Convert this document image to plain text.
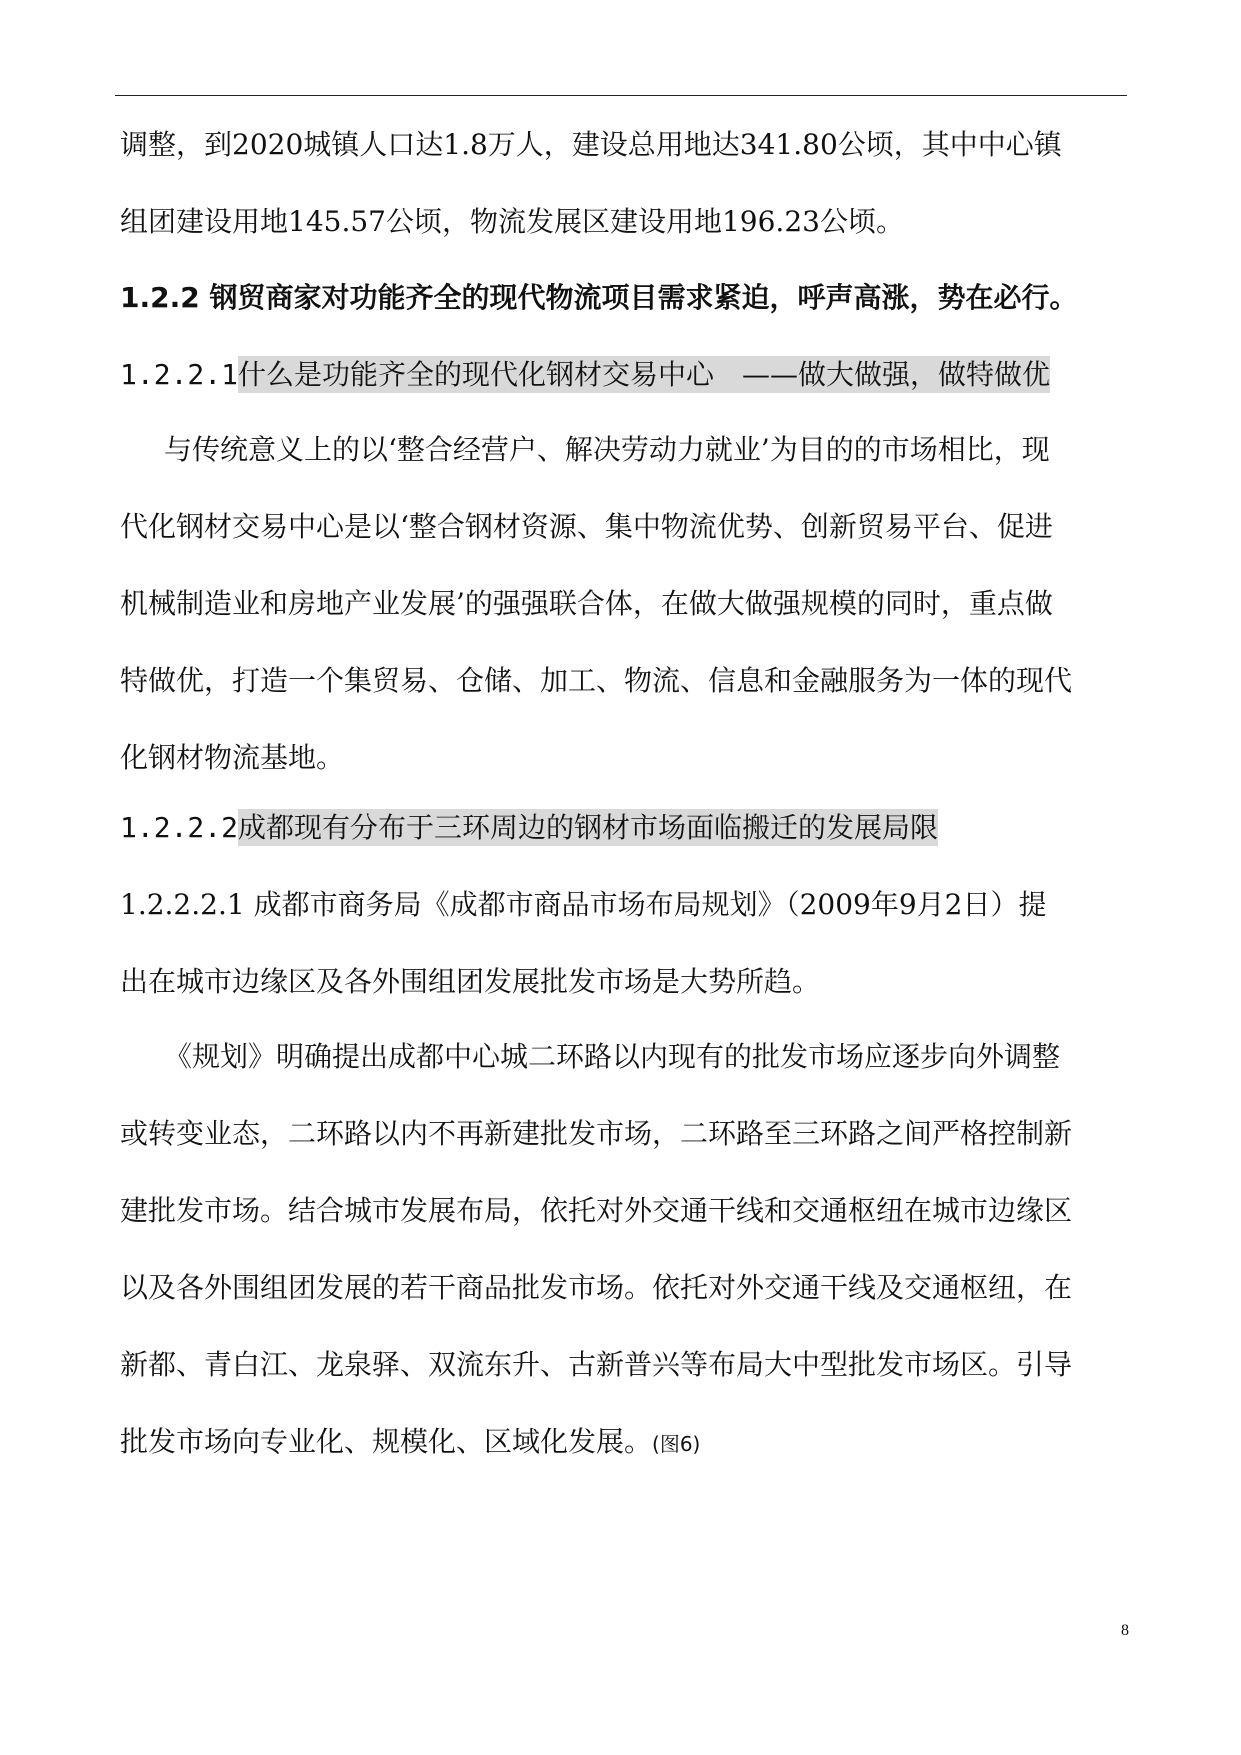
调整，到2020城镇人口达1.8万人，建设总用地达341.80公顷，其中中心镇

组团建设用地145.57公顷，物流发展区建设用地196.23公顷。

1.2.2 钢贸商家对功能齐全的现代物流项目需求紧迫，呼声高涨，势在必行。

1.2.2.1什么是功能齐全的现代化钢材交易中心　——做大做强，做特做优

与传统意义上的以‘整合经营户、解决劳动力就业’为目的的市场相比，现

代化钢材交易中心是以‘整合钢材资源、集中物流优势、创新贸易平台、促进

机械制造业和房地产业发展’的强强联合体，在做大做强规模的同时，重点做

特做优，打造一个集贸易、仓储、加工、物流、信息和金融服务为一体的现代

化钢材物流基地。

1.2.2.2成都现有分布于三环周边的钢材市场面临搬迁的发展局限

1.2.2.2.1 成都市商务局《成都市商品市场布局规划》（2009年9月2日）提

出在城市边缘区及各外围组团发展批发市场是大势所趋。

《规划》明确提出成都中心城二环路以内现有的批发市场应逐步向外调整

或转变业态，二环路以内不再新建批发市场，二环路至三环路之间严格控制新

建批发市场。结合城市发展布局，依托对外交通干线和交通枢纽在城市边缘区

以及各外围组团发展的若干商品批发市场。依托对外交通干线及交通枢纽，在

新都、青白江、龙泉驿、双流东升、古新普兴等布局大中型批发市场区。引导

批发市场向专业化、规模化、区域化发展。(图6)

8
